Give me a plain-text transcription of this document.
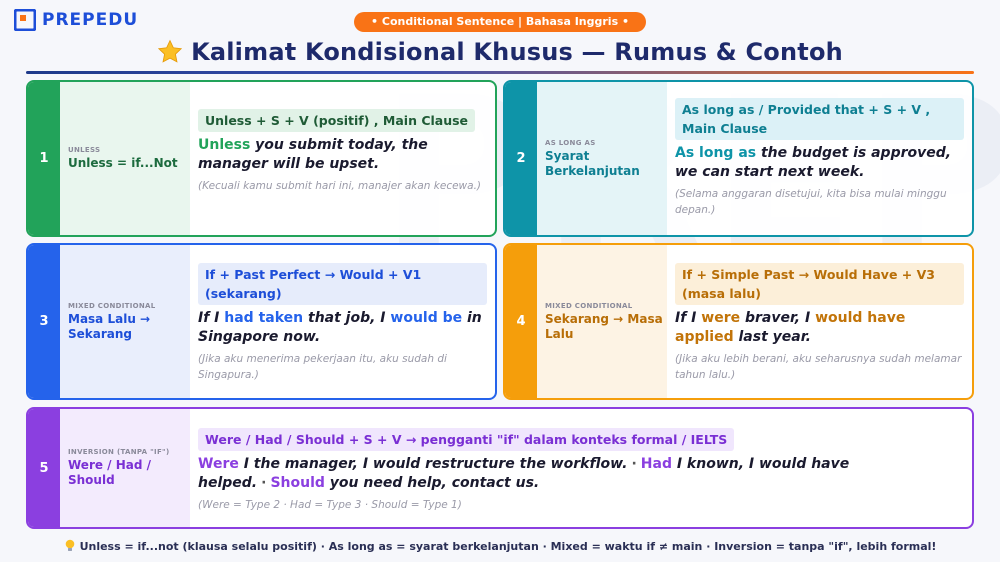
PREPEDU	• Conditional Sentence | Bahasa Inggris •
Kalimat Kondisional Khusus — Rumus & Contoh
1
UNLESS
Unless = if...Not
Unless + S + V (positif) , Main Clause
Unless you submit today, the manager will be upset.
(Kecuali kamu submit hari ini, manajer akan kecewa.)
2
AS LONG AS
Syarat Berkelanjutan
As long as / Provided that + S + V , Main Clause
As long as the budget is approved, we can start next week.
(Selama anggaran disetujui, kita bisa mulai minggu depan.)
3
MIXED CONDITIONAL
Masa Lalu → Sekarang
If + Past Perfect → Would + V1 (sekarang)
If I had taken that job, I would be in Singapore now.
(Jika aku menerima pekerjaan itu, aku sudah di Singapura.)
4
MIXED CONDITIONAL
Sekarang → Masa Lalu
If + Simple Past → Would Have + V3 (masa lalu)
If I were braver, I would have applied last year.
(Jika aku lebih berani, aku seharusnya sudah melamar tahun lalu.)
5
INVERSION (TANPA "IF")
Were / Had / Should
Were / Had / Should + S + V → pengganti "if" dalam konteks formal / IELTS
Were I the manager, I would restructure the workflow. · Had I known, I would have helped. · Should you need help, contact us.
(Were = Type 2 · Had = Type 3 · Should = Type 1)
Unless = if...not (klausa selalu positif) · As long as = syarat berkelanjutan · Mixed = waktu if ≠ main · Inversion = tanpa "if", lebih formal!
